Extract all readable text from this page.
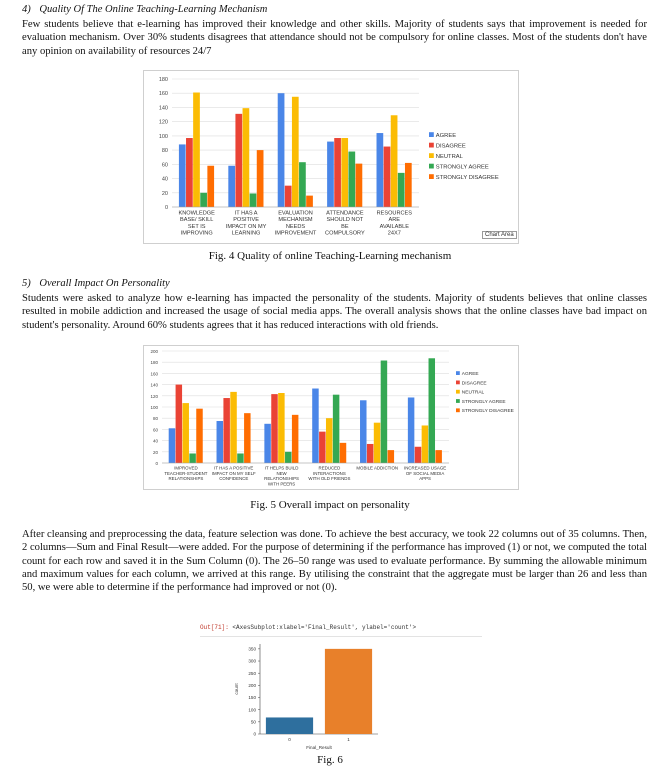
4) Quality Of The Online Teaching-Learning Mechanism
Few students believe that e-learning has improved their knowledge and other skills. Majority of students says that improvement is needed for evaluation mechanism. Over 30% students disagrees that attendance should not be compulsory for online classes. Most of the students don't have any opinion on availability of resources 24/7
0
20
40
60
80
100
120
140
160
180
KNOWLEDGE
BASE/ SKILL
SET IS
IMPROVING
IT HAS A
POSITIVE
IMPACT ON MY
LEARNING
EVALUATION
MECHANISM
NEEDS
IMPROVEMENT
ATTENDANCE
SHOULD NOT
BE
COMPULSORY
RESOURCES
ARE
AVAILABLE
24X7
AGREE
DISAGREE
NEUTRAL
STRONGLY AGREE
STRONGLY DISAGREE
Chart Area
Fig. 4 Quality of online Teaching-Learning mechanism
5) Overall Impact On Personality
Students were asked to analyze how e-learning has impacted the personality of the students. Majority of students believes that online classes resulted in mobile addiction and increased the usage of social media apps. The overall analysis shows that the online classes have bad impact on student's personality. Around 60% students agrees that it has reduced interactions with old friends.
0
20
40
60
80
100
120
140
160
180
200
IMPROVED
TEACHER-STUDENT
RELATIONSHIPS
IT HAS A POSITIVE
IMPACT ON MY SELF
CONFIDENCE
IT HELPS BUILD
NEW
RELATIONSHIPS
WITH PEERS
REDUCED
INTERACTIONS
WITH OLD FRIENDS
MOBILE ADDICTION INCREASED USAGE
OF SOCIAL MEDIA
APPS
AGREE
DISAGREE
NEUTRAL
STRONGLY AGREE
STRONGLY DISAGREE
Fig. 5 Overall impact on personality
After cleansing and preprocessing the data, feature selection was done. To achieve the best accuracy, we took 22 columns out of 35 columns. Then, 2 columns—Sum and Final Result—were added. For the purpose of determining if the performance has improved (1) or not, we computed the total count for each row and saved it in the Sum Column (0). The 26–50 range was used to evaluate performance. By summing the allowable minimum and maximum values for each column, we arrived at this range. By utilising the constraint that the aggregate must be larger than 26 and less than 50, we were able to determine if the performance had improved or not (0).
Out[71]: <AxesSubplot:xlabel='Final_Result', ylabel='count'>
0
50
100
150
200
250
300
350
0	1
Final_Result
count
Fig. 6
